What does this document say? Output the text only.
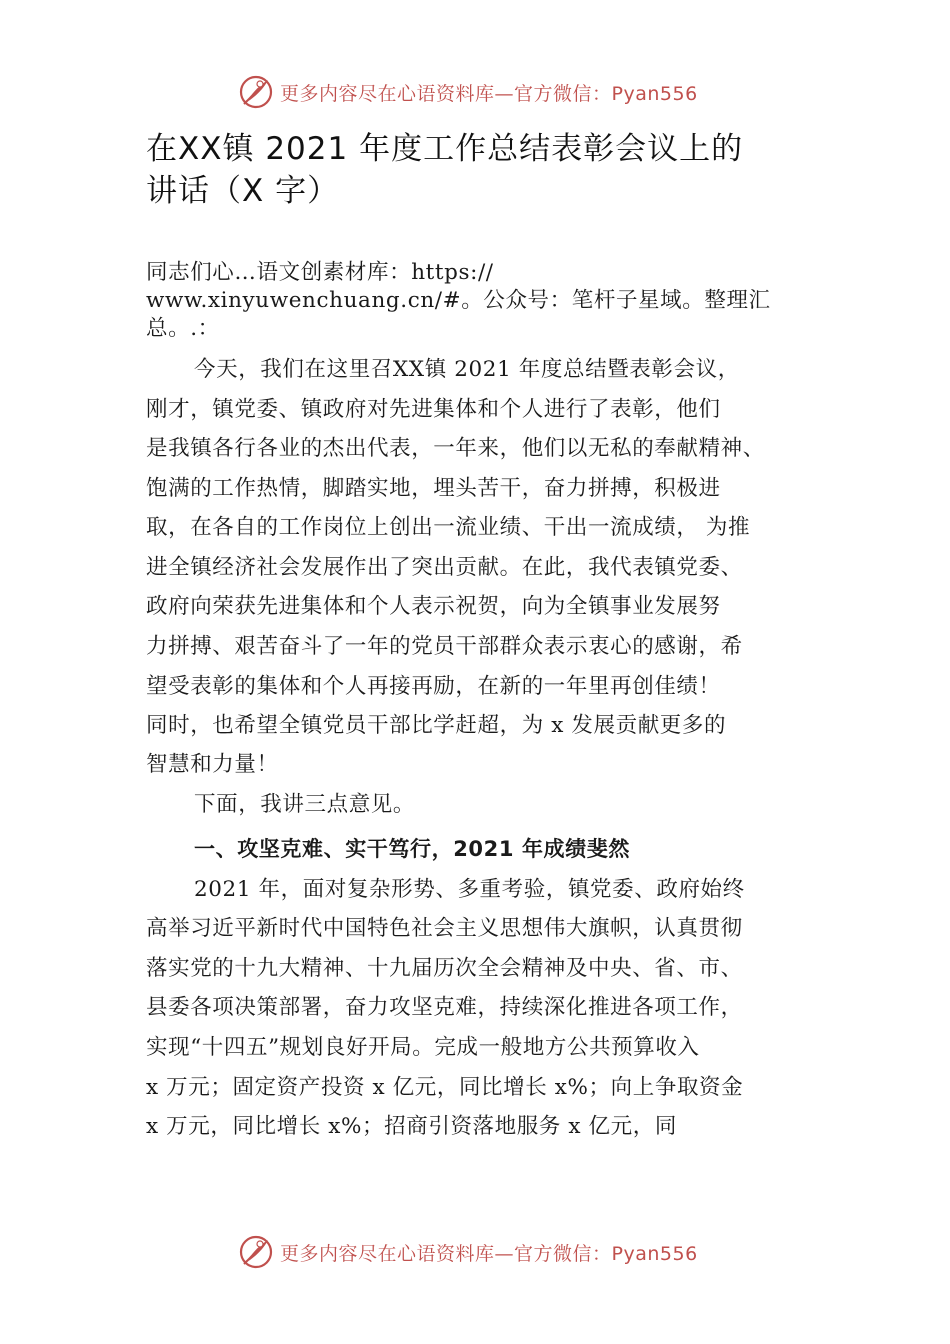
更多内容尽在心语资料库—官方微信：Pyan556
在XX镇 2021 年度工作总结表彰会议上的
讲话（X 字）
同志们心…语文创素材库：https://
www.xinyuwenchuang.cn/#。公众号：笔杆子星域。整理汇
总。.：
今天，我们在这里召XX镇 2021 年度总结暨表彰会议，
刚才，镇党委、镇政府对先进集体和个人进行了表彰，他们
是我镇各行各业的杰出代表，一年来，他们以无私的奉献精神、
饱满的工作热情，脚踏实地，埋头苦干，奋力拼搏，积极进
取，在各自的工作岗位上创出一流业绩、干出一流成绩， 为推
进全镇经济社会发展作出了突出贡献。在此，我代表镇党委、
政府向荣获先进集体和个人表示祝贺，向为全镇事业发展努
力拼搏、艰苦奋斗了一年的党员干部群众表示衷心的感谢，希
望受表彰的集体和个人再接再励，在新的一年里再创佳绩！
同时，也希望全镇党员干部比学赶超，为 x 发展贡献更多的
智慧和力量！
下面，我讲三点意见。
一、攻坚克难、实干笃行，2021 年成绩斐然
2021 年，面对复杂形势、多重考验，镇党委、政府始终
高举习近平新时代中国特色社会主义思想伟大旗帜，认真贯彻
落实党的十九大精神、十九届历次全会精神及中央、省、市、
县委各项决策部署，奋力攻坚克难，持续深化推进各项工作，
实现“十四五”规划良好开局。完成一般地方公共预算收入
x 万元；固定资产投资 x 亿元，同比增长 x%；向上争取资金
x 万元，同比增长 x%；招商引资落地服务 x 亿元，同
更多内容尽在心语资料库—官方微信：Pyan556
